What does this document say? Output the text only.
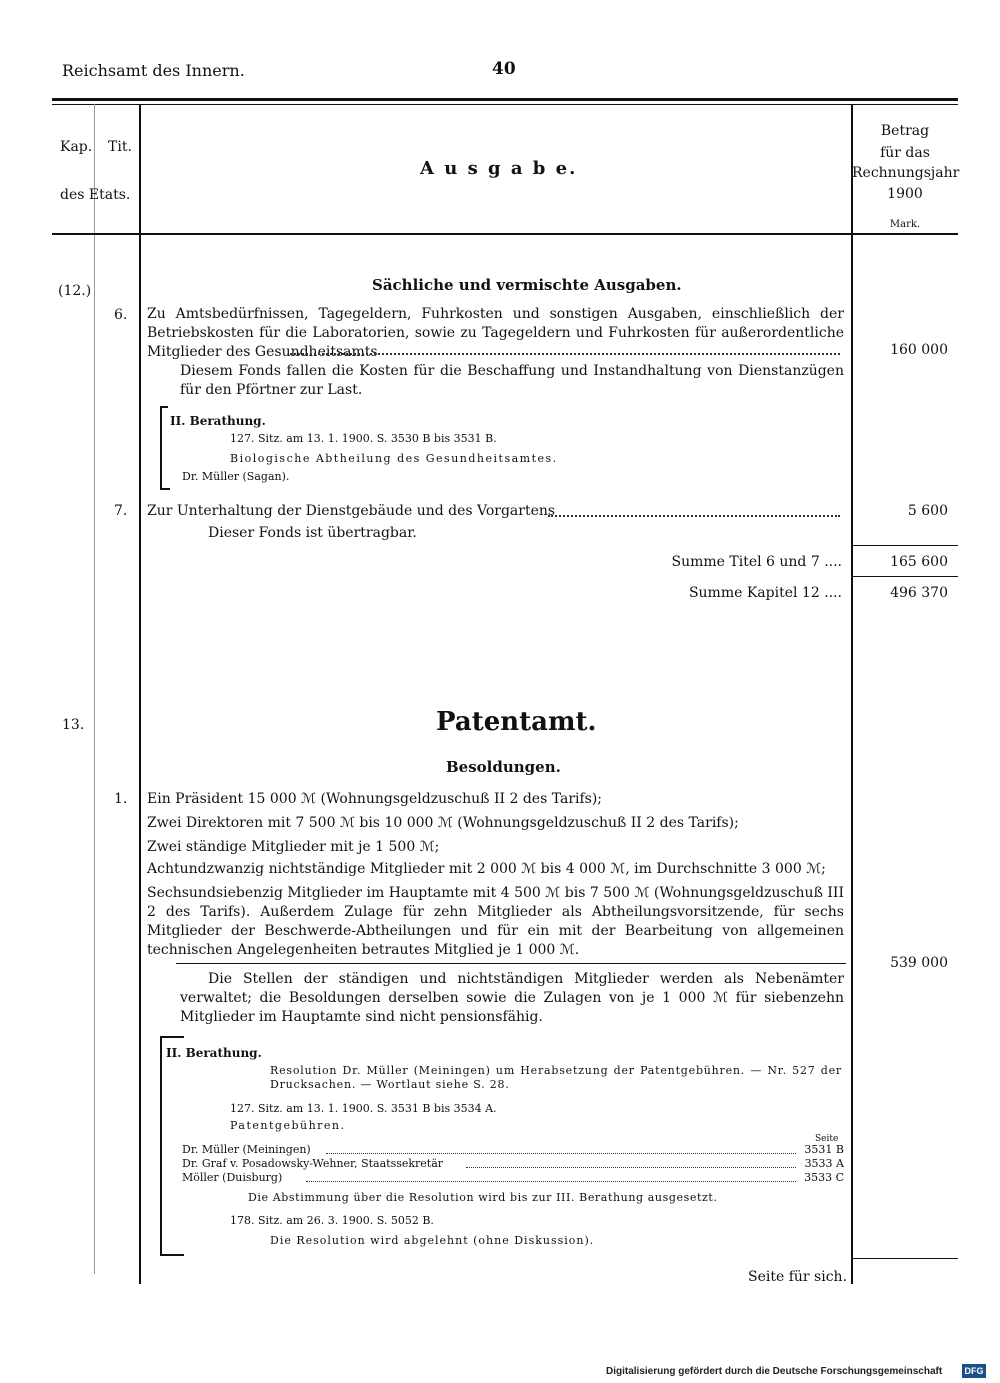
Reichsamt des Innern.	40
Kap. Tit.
des Etats.
A u s g a b e.
Betrag
für das
Rechnungsjahr
1900
Mark.
(12.)	Sächliche und vermischte Ausgaben.
6. Zu Amtsbedürfnissen, Tagegeldern, Fuhrkosten und sonstigen Ausgaben, einschließlich der Betriebskosten für die Laboratorien, sowie zu Tagegeldern und Fuhrkosten für außerordentliche Mitglieder des Gesundheitsamts	160 000
Diesem Fonds fallen die Kosten für die Beschaffung und Instandhaltung von Dienstanzügen für den Pförtner zur Last.
II. Berathung.
127. Sitz. am 13. 1. 1900. S. 3530 B bis 3531 B.
Biologische Abtheilung des Gesundheitsamtes.
Dr. Müller (Sagan).
7. Zur Unterhaltung der Dienstgebäude und des Vorgartens	5 600
Dieser Fonds ist übertragbar.
Summe Titel 6 und 7 ....	165 600
Summe Kapitel 12 ....	496 370
13.	Patentamt.
Besoldungen.
1. Ein Präsident 15 000 ℳ (Wohnungsgeldzuschuß II 2 des Tarifs);
Zwei Direktoren mit 7 500 ℳ bis 10 000 ℳ (Wohnungsgeldzuschuß II 2 des Tarifs);
Zwei ständige Mitglieder mit je 1 500 ℳ;
Achtundzwanzig nichtständige Mitglieder mit 2 000 ℳ bis 4 000 ℳ, im Durchschnitte 3 000 ℳ;
Sechsundsiebenzig Mitglieder im Hauptamte mit 4 500 ℳ bis 7 500 ℳ (Wohnungsgeldzuschuß III 2 des Tarifs). Außerdem Zulage für zehn Mitglieder als Abtheilungsvorsitzende, für sechs Mitglieder der Beschwerde-Abtheilungen und für ein mit der Bearbeitung von allgemeinen technischen Angelegenheiten betrautes Mitglied je 1 000 ℳ.
539 000
Die Stellen der ständigen und nichtständigen Mitglieder werden als Nebenämter verwaltet; die Besoldungen derselben sowie die Zulagen von je 1 000 ℳ für siebenzehn Mitglieder im Hauptamte sind nicht pensionsfähig.
II. Berathung.
Resolution Dr. Müller (Meiningen) um Herabsetzung der Patentgebühren. — Nr. 527 der Drucksachen. — Wortlaut siehe S. 28.
127. Sitz. am 13. 1. 1900. S. 3531 B bis 3534 A.
Patentgebühren.
Seite
Dr. Müller (Meiningen)	3531 B
Dr. Graf v. Posadowsky-Wehner, Staatssekretär	3533 A
Möller (Duisburg)	3533 C
Die Abstimmung über die Resolution wird bis zur III. Berathung ausgesetzt.
178. Sitz. am 26. 3. 1900. S. 5052 B.
Die Resolution wird abgelehnt (ohne Diskussion).
Seite für sich.
Digitalisierung gefördert durch die Deutsche Forschungsgemeinschaft DFG
